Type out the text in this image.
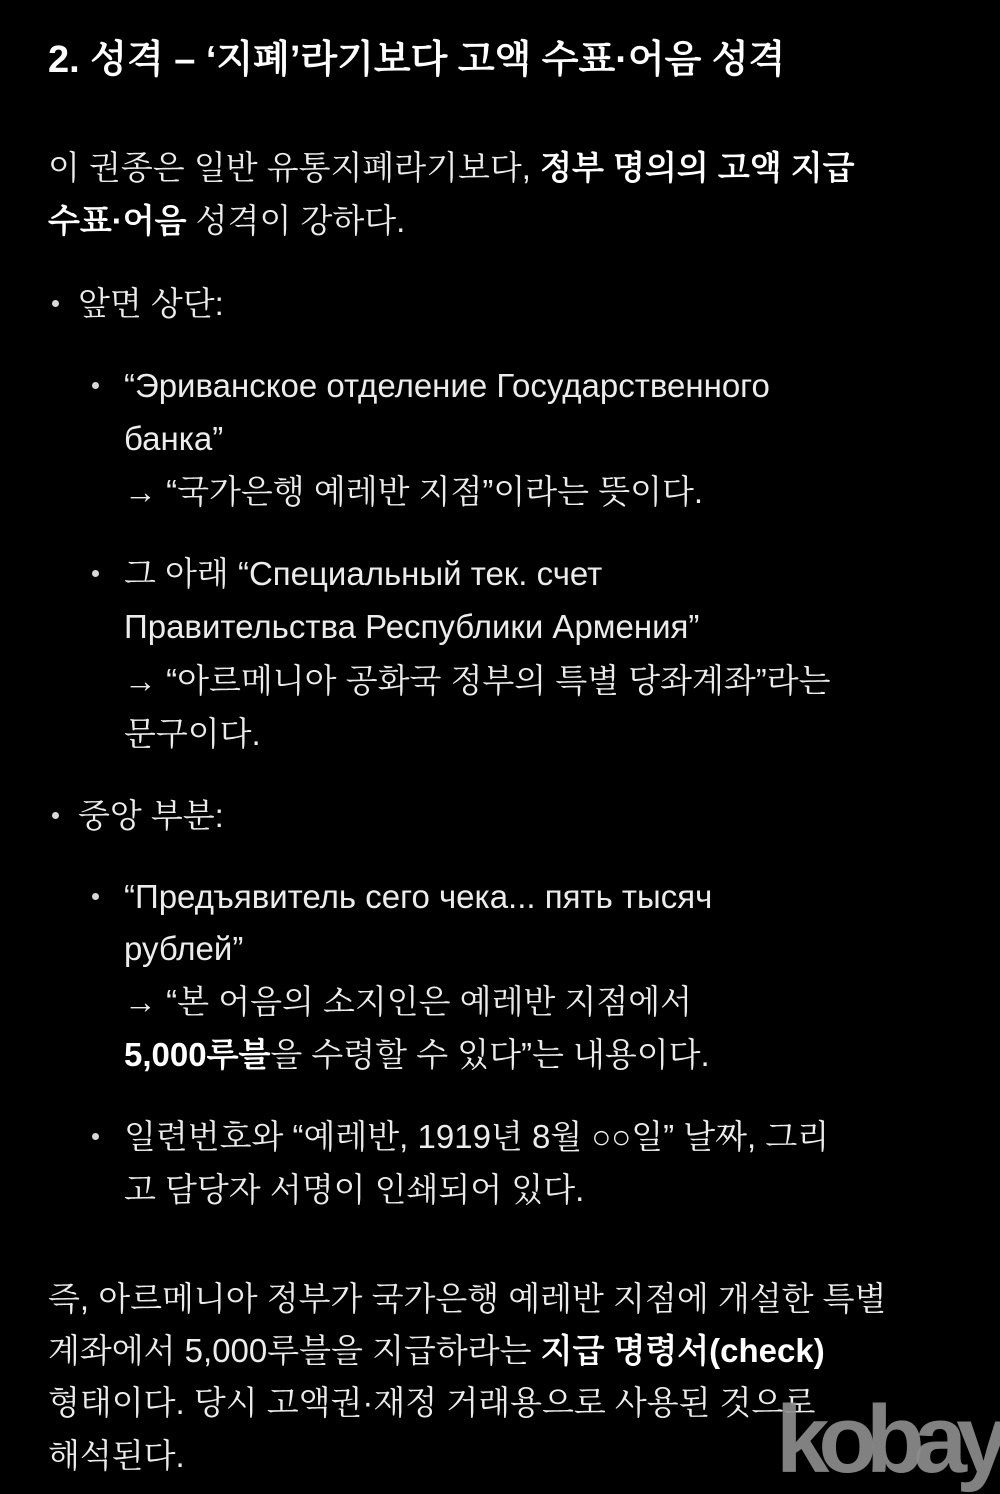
2. 성격 – ‘지폐’라기보다 고액 수표·어음 성격
이 권종은 일반 유통지폐라기보다, 정부 명의의 고액 지급
수표·어음 성격이 강하다.
앞면 상단:
“Эриванское отделение Государственного
банка”
→ “국가은행 예레반 지점”이라는 뜻이다.
그 아래 “Специальный тек. счет
Правительства Республики Армения”
→ “아르메니아 공화국 정부의 특별 당좌계좌”라는
문구이다.
중앙 부분:
“Предъявитель сего чека... пять тысяч
рублей”
→ “본 어음의 소지인은 예레반 지점에서
5,000루블을 수령할 수 있다”는 내용이다.
일련번호와 “예레반, 1919년 8월 ○○일” 날짜, 그리
고 담당자 서명이 인쇄되어 있다.
즉, 아르메니아 정부가 국가은행 예레반 지점에 개설한 특별
계좌에서 5,000루블을 지급하라는 지급 명령서(check)
형태이다. 당시 고액권·재정 거래용으로 사용된 것으로
해석된다.	kobay
